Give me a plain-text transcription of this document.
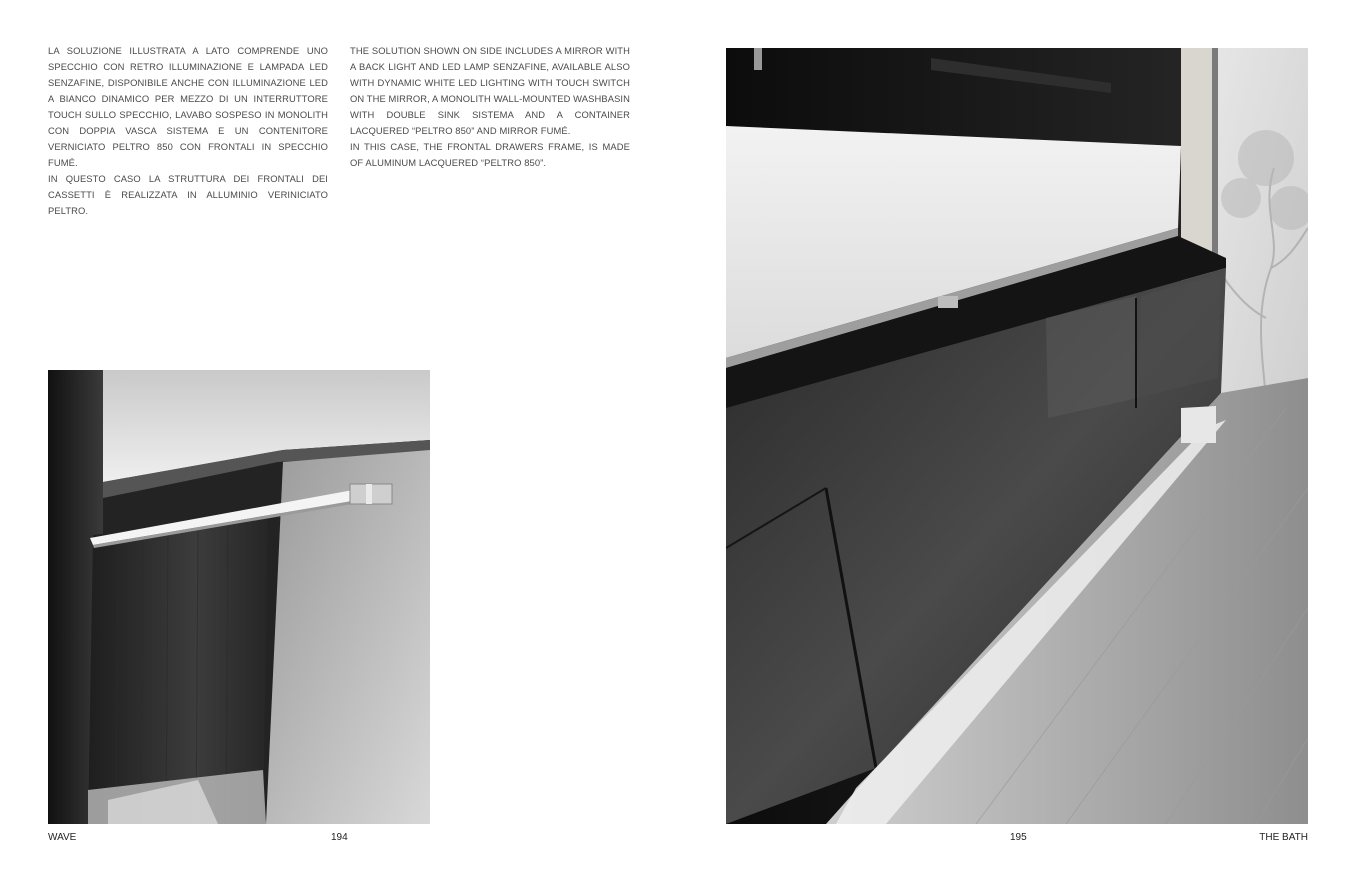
LA SOLUZIONE ILLUSTRATA A LATO COMPRENDE UNO SPECCHIO CON RETRO ILLUMINAZIONE E LAMPADA LED SENZAFINE, DISPONIBILE ANCHE CON ILLUMINAZIONE LED A BIANCO DINAMICO PER MEZZO DI UN INTERRUTTORE TOUCH SULLO SPECCHIO, LAVABO SOSPESO IN MONOLITH CON DOPPIA VASCA SISTEMA E UN CONTENITORE VERNICIATO PELTRO 850 CON FRONTALI IN SPECCHIO FUMÉ.

IN QUESTO CASO LA STRUTTURA DEI FRONTALI DEI CASSETTI È REALIZZATA IN ALLUMINIO VERINICIATO PELTRO.

THE SOLUTION SHOWN ON SIDE INCLUDES A MIRROR WITH A BACK LIGHT AND LED LAMP SENZAFINE, AVAILABLE ALSO WITH DYNAMIC WHITE LED LIGHTING WITH TOUCH SWITCH ON THE MIRROR, A MONOLITH WALL-MOUNTED WASHBASIN WITH DOUBLE SINK SISTEMA AND A CONTAINER LACQUERED “PELTRO 850” AND MIRROR FUMÉ.

IN THIS CASE, THE FRONTAL DRAWERS FRAME, IS MADE OF ALUMINUM LACQUERED “PELTRO 850”.

WAVE	194	195	THE BATH
